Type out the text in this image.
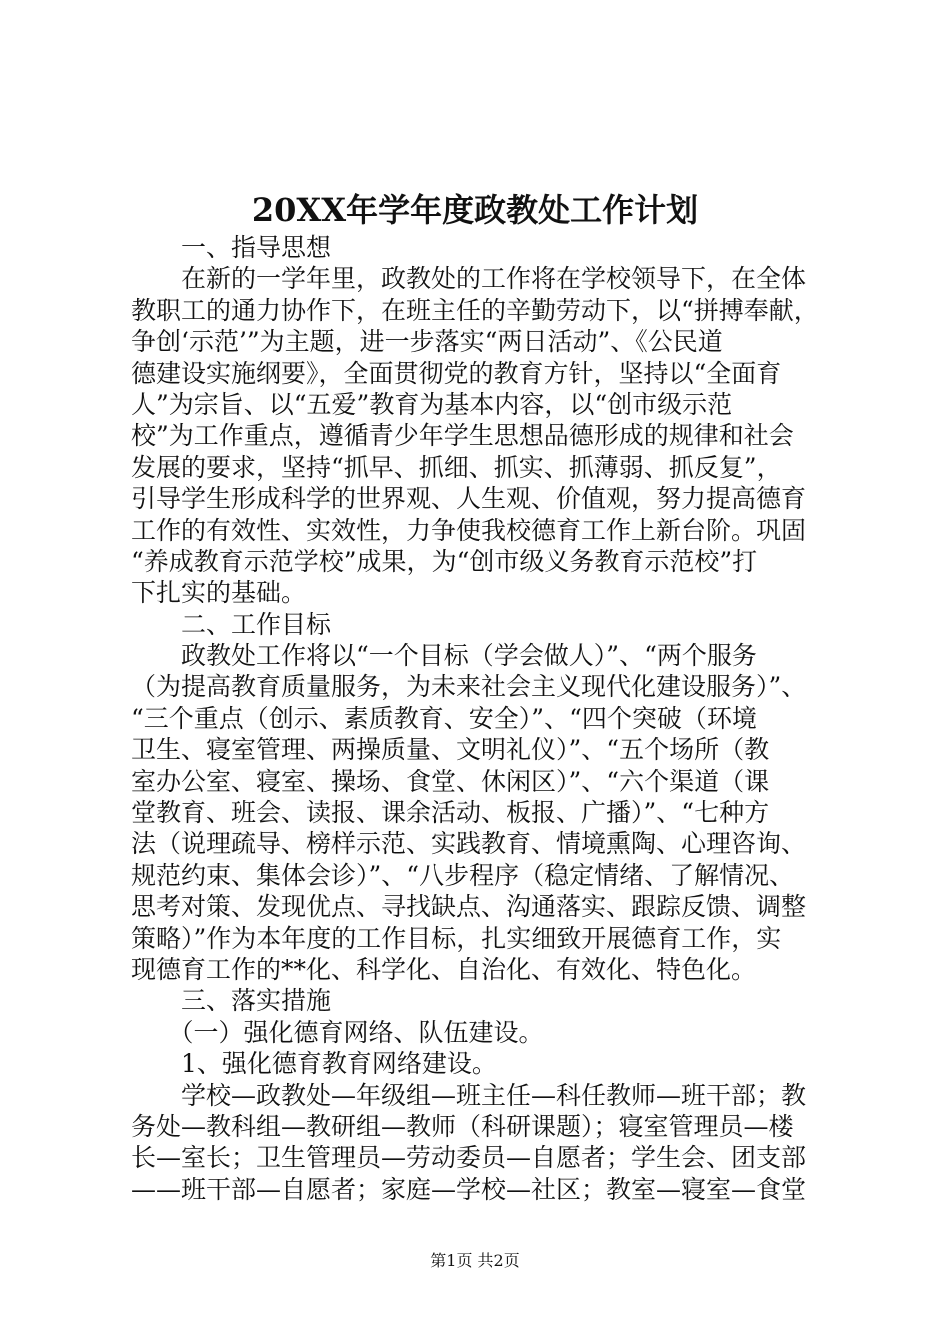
20XX年学年度政教处工作计划
　　一、指导思想
　　在新的一学年里，政教处的工作将在学校领导下，在全体
教职工的通力协作下，在班主任的辛勤劳动下，以“拼搏奉献，
争创‘示范’”为主题，进一步落实“两日活动”、《公民道
德建设实施纲要》，全面贯彻党的教育方针，坚持以“全面育
人”为宗旨、以“五爱”教育为基本内容，以“创市级示范
校”为工作重点，遵循青少年学生思想品德形成的规律和社会
发展的要求，坚持“抓早、抓细、抓实、抓薄弱、抓反复”，
引导学生形成科学的世界观、人生观、价值观，努力提高德育
工作的有效性、实效性，力争使我校德育工作上新台阶。巩固
“养成教育示范学校”成果，为“创市级义务教育示范校”打
下扎实的基础。
　　二、工作目标
　　政教处工作将以“一个目标（学会做人）”、“两个服务
（为提高教育质量服务，为未来社会主义现代化建设服务）”、
“三个重点（创示、素质教育、安全）”、“四个突破（环境
卫生、寝室管理、两操质量、文明礼仪）”、“五个场所（教
室办公室、寝室、操场、食堂、休闲区）”、“六个渠道（课
堂教育、班会、读报、课余活动、板报、广播）”、“七种方
法（说理疏导、榜样示范、实践教育、情境熏陶、心理咨询、
规范约束、集体会诊）”、“八步程序（稳定情绪、了解情况、
思考对策、发现优点、寻找缺点、沟通落实、跟踪反馈、调整
策略）”作为本年度的工作目标，扎实细致开展德育工作，实
现德育工作的**化、科学化、自治化、有效化、特色化。
　　三、落实措施
　　（一）强化德育网络、队伍建设。
　　1、强化德育教育网络建设。
　　学校—政教处—年级组—班主任—科任教师—班干部；教
务处—教科组—教研组—教师（科研课题）；寝室管理员—楼
长—室长；卫生管理员—劳动委员—自愿者；学生会、团支部
——班干部—自愿者；家庭—学校—社区；教室—寝室—食堂
第1页 共2页
